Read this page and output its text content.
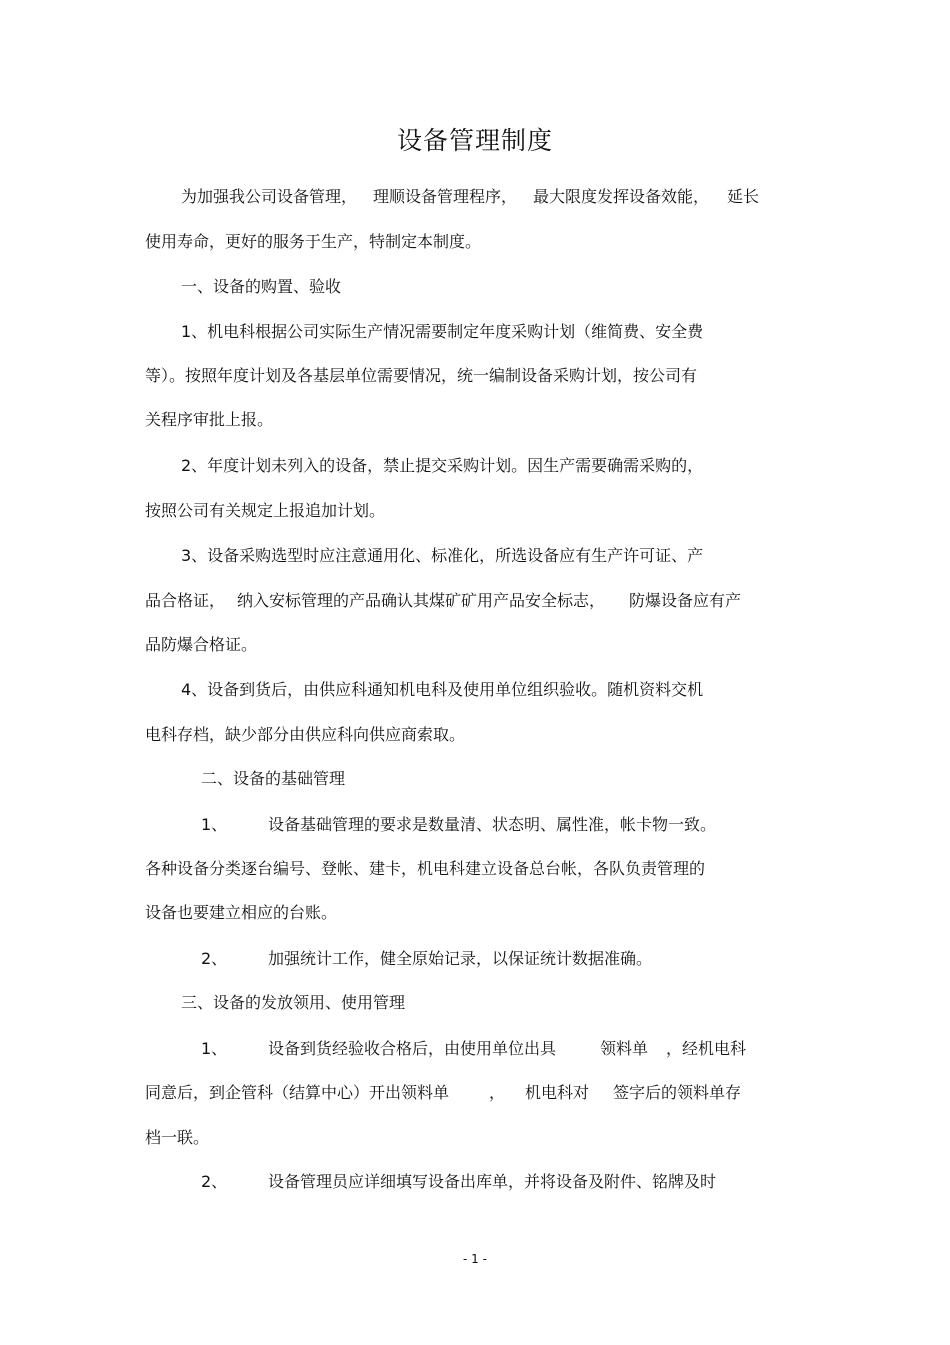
设备管理制度
为加强我公司设备管理， 理顺设备管理程序， 最大限度发挥设备效能， 延长
使用寿命，更好的服务于生产，特制定本制度。
一、设备的购置、验收
1、机电科根据公司实际生产情况需要制定年度采购计划（维简费、安全费
等）。按照年度计划及各基层单位需要情况，统一编制设备采购计划，按公司有
关程序审批上报。
2、年度计划未列入的设备，禁止提交采购计划。因生产需要确需采购的，
按照公司有关规定上报追加计划。
3、设备采购选型时应注意通用化、标准化，所选设备应有生产许可证、产
品合格证， 纳入安标管理的产品确认其煤矿矿用产品安全标志， 防爆设备应有产
品防爆合格证。
4、设备到货后，由供应科通知机电科及使用单位组织验收。随机资料交机
电科存档，缺少部分由供应科向供应商索取。
二、设备的基础管理
1、	设备基础管理的要求是数量清、状态明、属性准，帐卡物一致。
各种设备分类逐台编号、登帐、建卡，机电科建立设备总台帐，各队负责管理的
设备也要建立相应的台账。
2、	加强统计工作，健全原始记录，以保证统计数据准确。
三、设备的发放领用、使用管理
1、	设备到货经验收合格后，由使用单位出具	领料单 ，经机电科
同意后，到企管科（结算中心）开出领料单	， 机电科对 签字后的领料单存
档一联。
2、	设备管理员应详细填写设备出库单，并将设备及附件、铭牌及时
- 1 -
